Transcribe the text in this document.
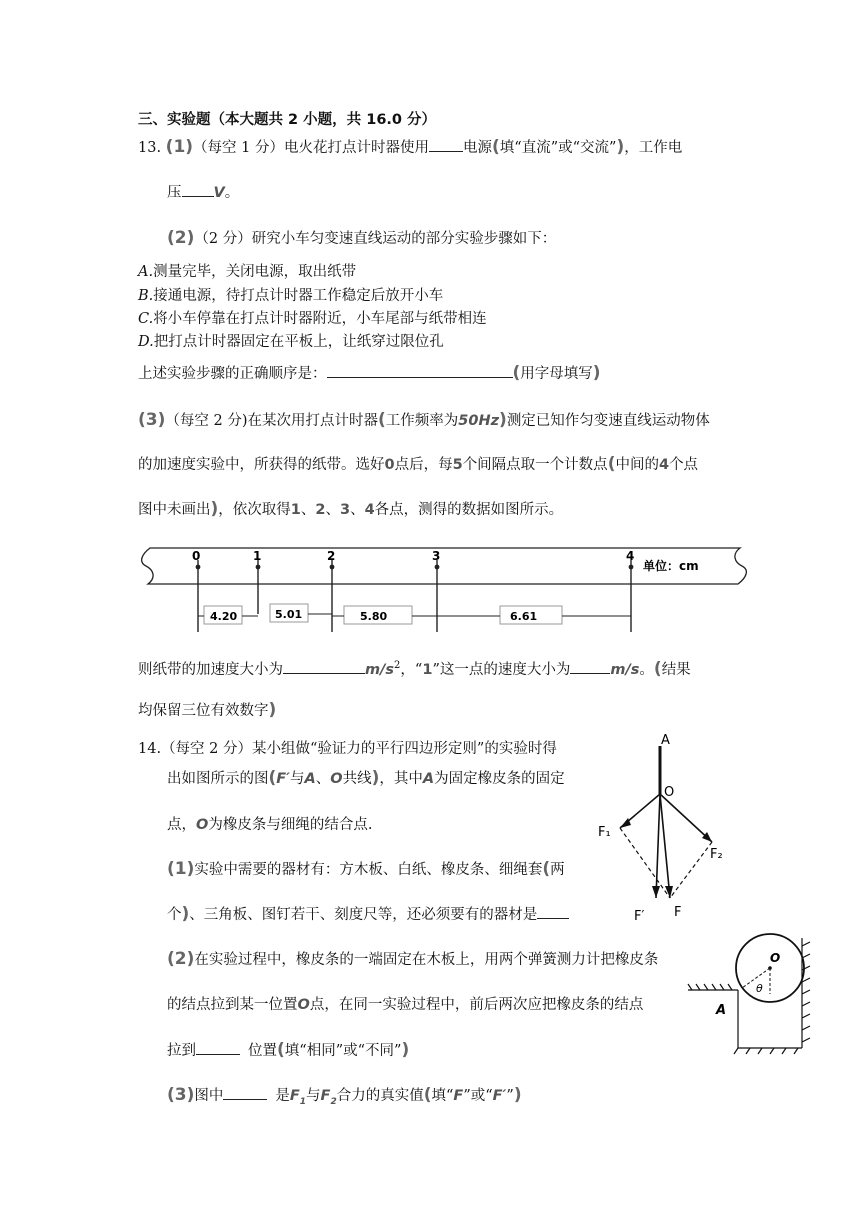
三、实验题（本大题共 2 小题，共 16.0 分）
13. (1)（每空 1 分）电火花打点计时器使用 电源(填“直流”或“交流”)，工作电
压 V。
(2)（2 分）研究小车匀变速直线运动的部分实验步骤如下：
A.测量完毕，关闭电源，取出纸带
B.接通电源，待打点计时器工作稳定后放开小车
C.将小车停靠在打点计时器附近，小车尾部与纸带相连
D.把打点计时器固定在平板上，让纸穿过限位孔
上述实验步骤的正确顺序是：	(用字母填写)
(3)（每空 2 分)在某次用打点计时器(工作频率为50Hz)测定已知作匀变速直线运动物体
的加速度实验中，所获得的纸带。选好0点后，每5个间隔点取一个计数点(中间的4个点
图中未画出)，依次取得1、2、3、4各点，测得的数据如图所示。
0	1	2	3	4
单位：cm
4.20	5.01	5.80	6.61
则纸带的加速度大小为	$m/s^2$，“1”这一点的速度大小为	m/s。(结果
均保留三位有效数字)
14.（每空 2 分）某小组做“验证力的平行四边形定则”的实验时得
出如图所示的图(F′与A、O共线)，其中A为固定橡皮条的固定
点，O为橡皮条与细绳的结合点.
(1)实验中需要的器材有：方木板、白纸、橡皮条、细绳套(两
个)、三角板、图钉若干、刻度尺等，还必须要有的器材是
(2)在实验过程中，橡皮条的一端固定在木板上，用两个弹簧测力计把橡皮条
的结点拉到某一位置O点，在同一实验过程中，前后两次应把橡皮条的结点
拉到	位置(填“相同”或“不同”)
(3)图中	是$F_1$与$F_2$合力的真实值(填“F”或“F′”)
A
O
F₁
F₂
F′ F
O
θ
A
